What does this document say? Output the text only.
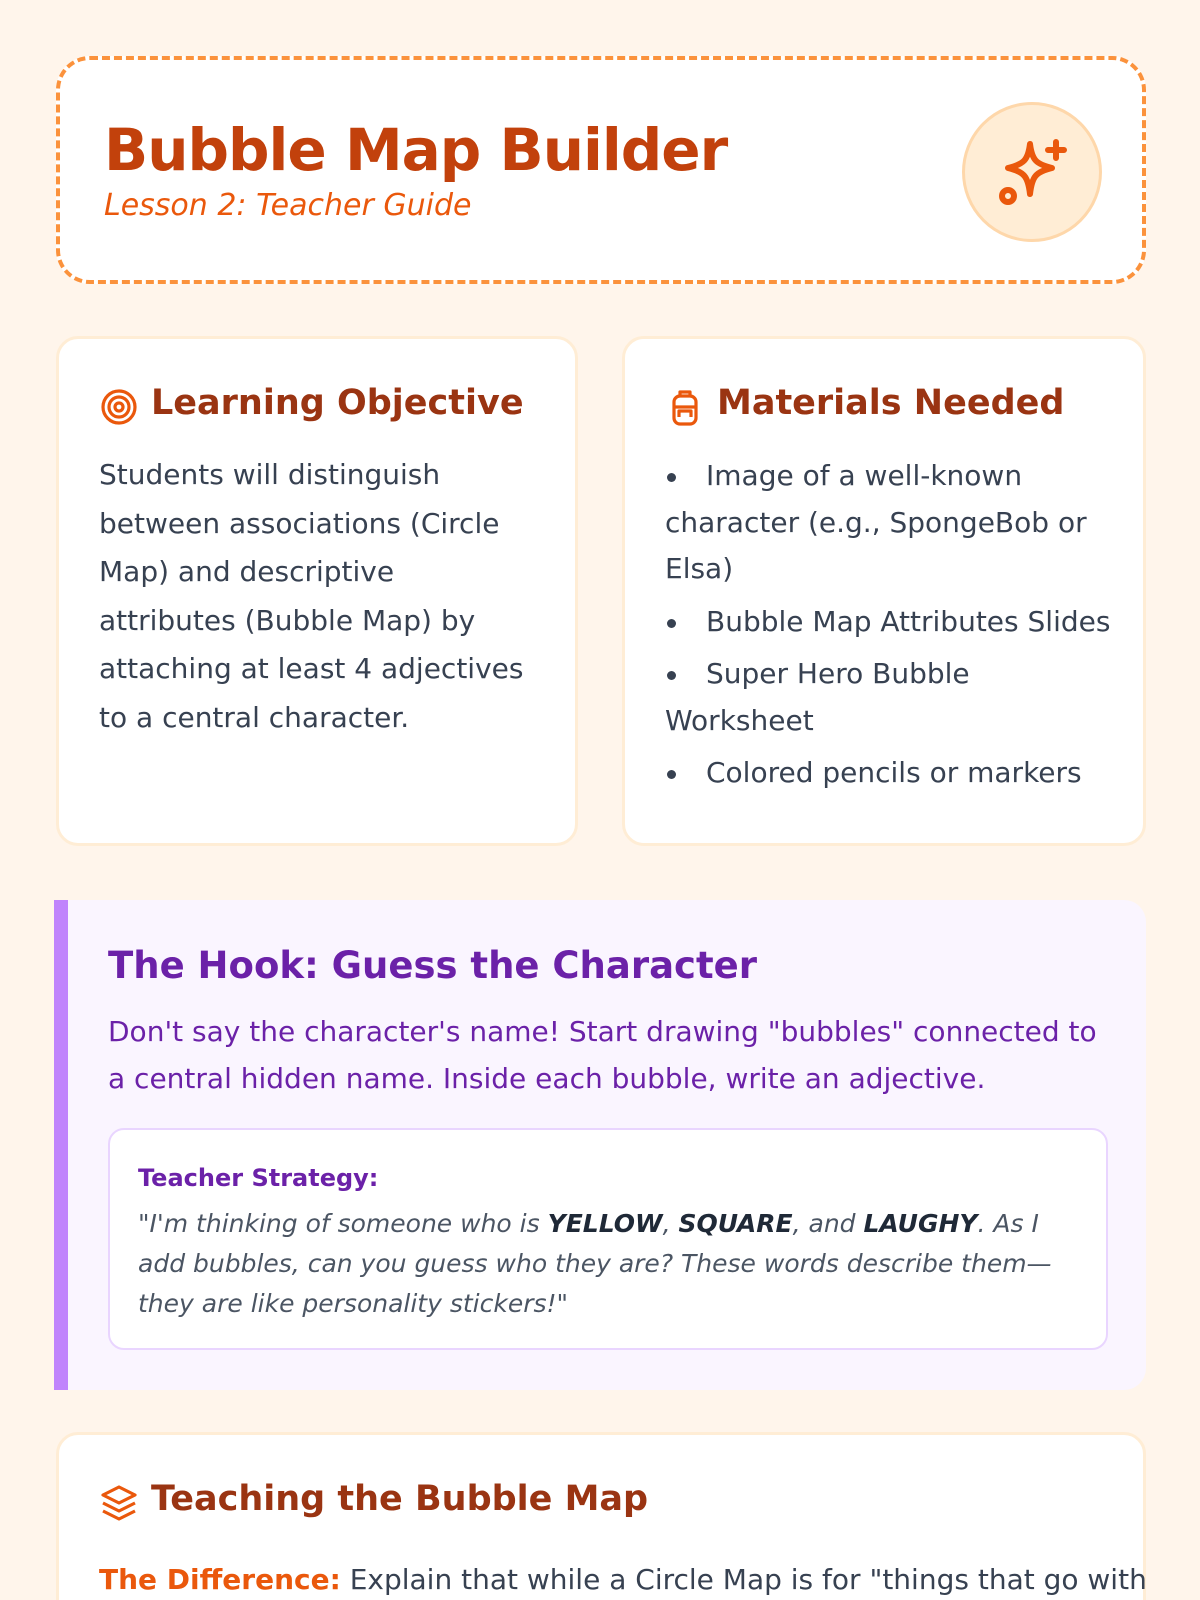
Bubble Map Builder
Lesson 2: Teacher Guide
Learning Objective
Students will distinguish between associations (Circle Map) and descriptive attributes (Bubble Map) by attaching at least 4 adjectives to a central character.
Materials Needed
Image of a well-known character (e.g., SpongeBob or Elsa)
Bubble Map Attributes Slides
Super Hero Bubble Worksheet
Colored pencils or markers
The Hook: Guess the Character
Don't say the character's name! Start drawing "bubbles" connected to a central hidden name. Inside each bubble, write an adjective.
Teacher Strategy:
"I'm thinking of someone who is YELLOW, SQUARE, and LAUGHY. As I add bubbles, can you guess who they are? These words describe them—they are like personality stickers!"
Teaching the Bubble Map
The Difference: Explain that while a Circle Map is for "things that go with
